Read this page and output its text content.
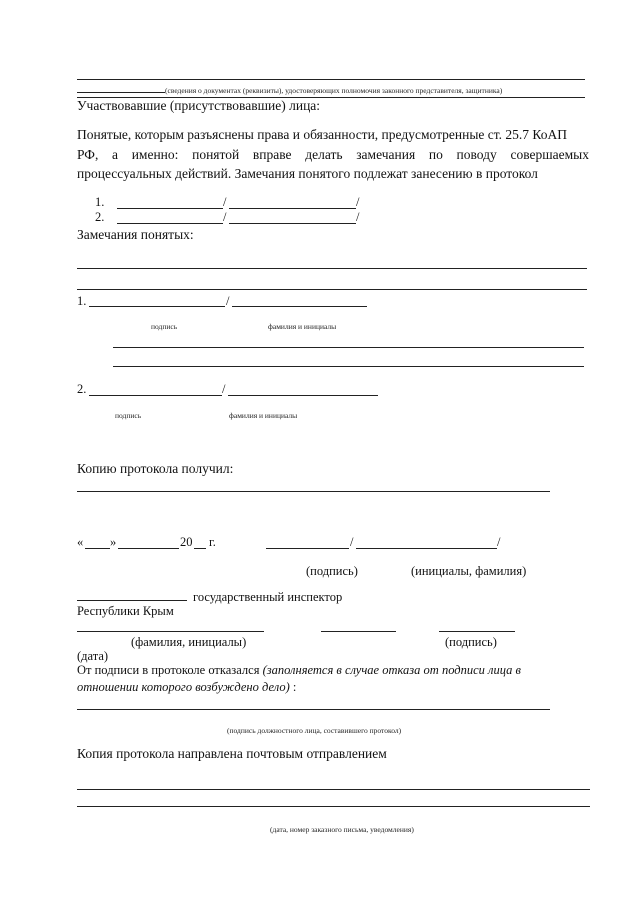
(сведения о документах (реквизиты), удостоверяющих полномочия законного представителя, защитника)
Участвовавшие (присутствовавшие) лица:
Понятые, которым разъяснены права и обязанности, предусмотренные ст. 25.7 КоАП
РФ, а именно: понятой вправе делать замечания по поводу совершаемых
процессуальных действий. Замечания понятого подлежат занесению в протокол
1.	/	/
2.	/	/
Замечания понятых:
1.	/
подпись	фамилия и инициалы
2.	/
подпись	фамилия и инициалы
Копию протокола получил:
« »	20 г.	/	/
(подпись)	(инициалы, фамилия)
государственный инспектор
Республики Крым
(фамилия, инициалы)	(подпись)
(дата)
От подписи в протоколе отказался (заполняется в случае отказа от подписи лица в
отношении которого возбуждено дело) :
(подпись должностного лица, составившего протокол)
Копия протокола направлена почтовым отправлением
(дата, номер заказного письма, уведомления)
